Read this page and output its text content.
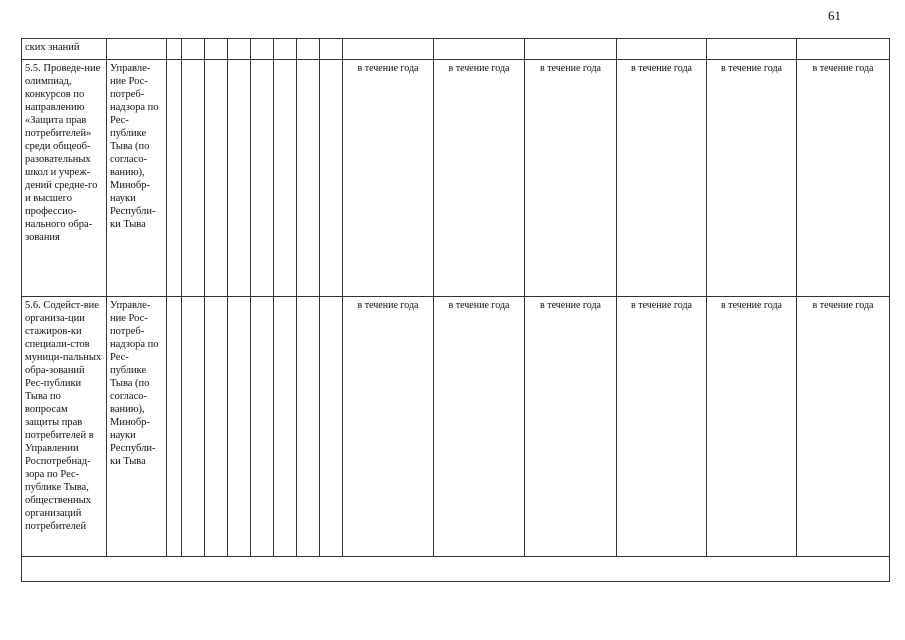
61
ских знаний															
5.5. Проведе-ние олимпиад, конкурсов по направлению «Защита прав потребителей» среди общеоб-разовательных школ и учреж-дений средне-го и высшего профессио-нального обра-зования	Управле-ние Рос-потреб-надзора по Рес-публике Тыва (по согласо-ванию), Минобр-науки Республи-ки Тыва									в течение года	в течение года	в течение года	в течение года	в течение года	в течение года
5.6. Содейст-вие организа-ции стажиров-ки специали-стов муници-пальных обра-зований Рес-публики Тыва по вопросам защиты прав потребителей в Управлении Роспотребнад-зора по Рес-публике Тыва, общественных организаций потребителей	Управле-ние Рос-потреб-надзора по Рес-публике Тыва (по согласо-ванию), Минобр-науки Республи-ки Тыва									в течение года	в течение года	в течение года	в течение года	в течение года	в течение года
